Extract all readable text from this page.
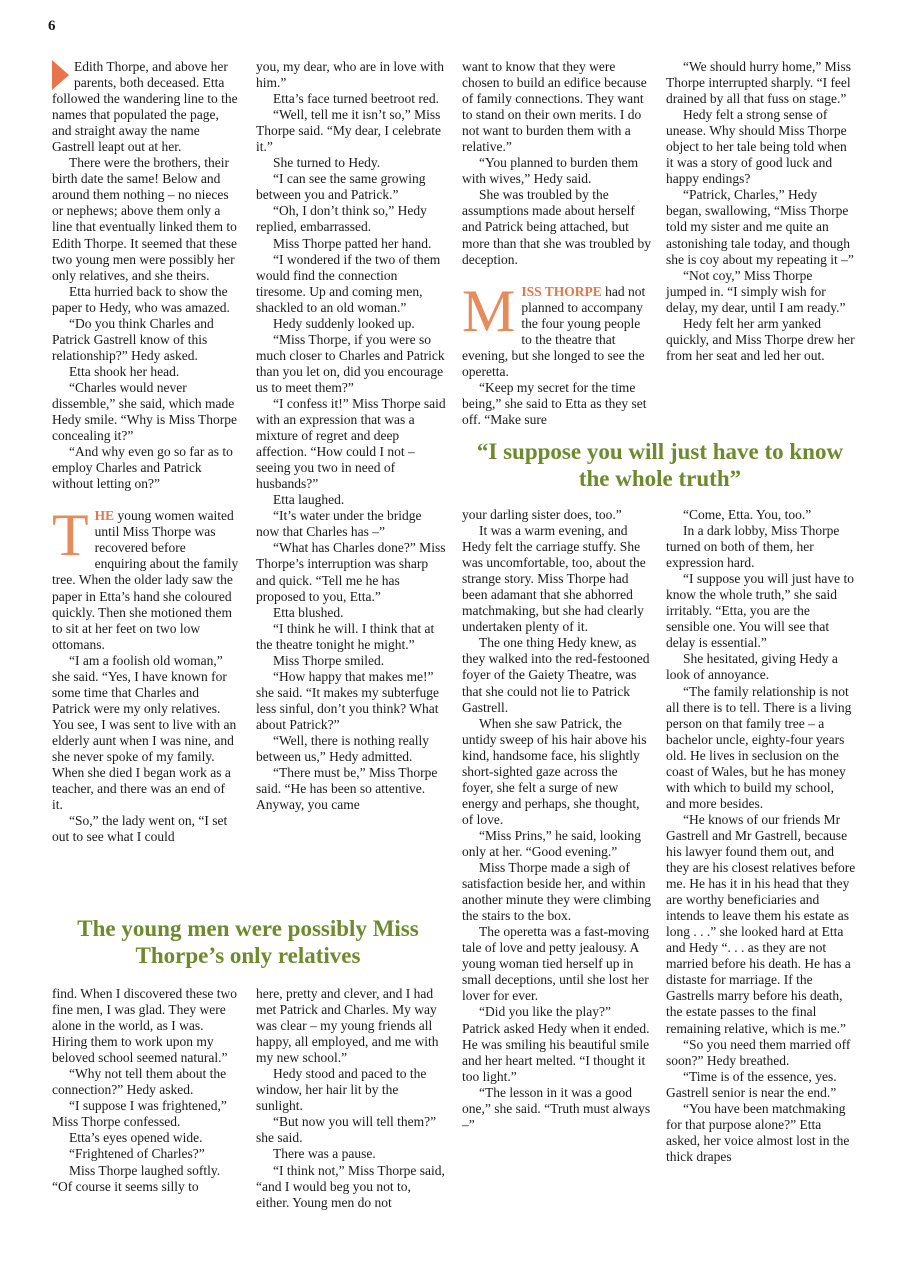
6

Edith Thorpe, and above her parents, both deceased. Etta followed the wandering line to the names that populated the page, and straight away the name Gastrell leapt out at her.

There were the brothers, their birth date the same! Below and around them nothing – no nieces or nephews; above them only a line that eventually linked them to Edith Thorpe. It seemed that these two young men were possibly her only relatives, and she theirs.

Etta hurried back to show the paper to Hedy, who was amazed.

“Do you think Charles and Patrick Gastrell know of this relationship?” Hedy asked.

Etta shook her head.

“Charles would never dissemble,” she said, which made Hedy smile. “Why is Miss Thorpe concealing it?”

“And why even go so far as to employ Charles and Patrick without letting on?”

THE young women waited until Miss Thorpe was recovered before enquiring about the family tree. When the older lady saw the paper in Etta’s hand she coloured quickly. Then she motioned them to sit at her feet on two low ottomans.

“I am a foolish old woman,” she said. “Yes, I have known for some time that Charles and Patrick were my only relatives. You see, I was sent to live with an elderly aunt when I was nine, and she never spoke of my family. When she died I began work as a teacher, and there was an end of it.

“So,” the lady went on, “I set out to see what I could

you, my dear, who are in love with him.”

Etta’s face turned beetroot red.

“Well, tell me it isn’t so,” Miss Thorpe said. “My dear, I celebrate it.”

She turned to Hedy.

“I can see the same growing between you and Patrick.”

“Oh, I don’t think so,” Hedy replied, embarrassed.

Miss Thorpe patted her hand.

“I wondered if the two of them would find the connection tiresome. Up and coming men, shackled to an old woman.”

Hedy suddenly looked up.

“Miss Thorpe, if you were so much closer to Charles and Patrick than you let on, did you encourage us to meet them?”

“I confess it!” Miss Thorpe said with an expression that was a mixture of regret and deep affection. “How could I not – seeing you two in need of husbands?”

Etta laughed.

“It’s water under the bridge now that Charles has –”

“What has Charles done?” Miss Thorpe’s interruption was sharp and quick. “Tell me he has proposed to you, Etta.”

Etta blushed.

“I think he will. I think that at the theatre tonight he might.”

Miss Thorpe smiled.

“How happy that makes me!” she said. “It makes my subterfuge less sinful, don’t you think? What about Patrick?”

“Well, there is nothing really between us,” Hedy admitted.

“There must be,” Miss Thorpe said. “He has been so attentive. Anyway, you came

want to know that they were chosen to build an edifice because of family connections. They want to stand on their own merits. I do not want to burden them with a relative.”

“You planned to burden them with wives,” Hedy said.

She was troubled by the assumptions made about herself and Patrick being attached, but more than that she was troubled by deception.

MISS THORPE had not planned to accompany the four young people to the theatre that evening, but she longed to see the operetta.

“Keep my secret for the time being,” she said to Etta as they set off. “Make sure

“We should hurry home,” Miss Thorpe interrupted sharply. “I feel drained by all that fuss on stage.”

Hedy felt a strong sense of unease. Why should Miss Thorpe object to her tale being told when it was a story of good luck and happy endings?

“Patrick, Charles,” Hedy began, swallowing, “Miss Thorpe told my sister and me quite an astonishing tale today, and though she is coy about my repeating it –”

“Not coy,” Miss Thorpe jumped in. “I simply wish for delay, my dear, until I am ready.”

Hedy felt her arm yanked quickly, and Miss Thorpe drew her from her seat and led her out.

“I suppose you will just have to know the whole truth”

your darling sister does, too.”

It was a warm evening, and Hedy felt the carriage stuffy. She was uncomfortable, too, about the strange story. Miss Thorpe had been adamant that she abhorred matchmaking, but she had clearly undertaken plenty of it.

The one thing Hedy knew, as they walked into the red-festooned foyer of the Gaiety Theatre, was that she could not lie to Patrick Gastrell.

When she saw Patrick, the untidy sweep of his hair above his kind, handsome face, his slightly short-sighted gaze across the foyer, she felt a surge of new energy and perhaps, she thought, of love.

“Miss Prins,” he said, looking only at her. “Good evening.”

Miss Thorpe made a sigh of satisfaction beside her, and within another minute they were climbing the stairs to the box.

The operetta was a fast-moving tale of love and petty jealousy. A young woman tied herself up in small deceptions, until she lost her lover for ever.

“Did you like the play?” Patrick asked Hedy when it ended. He was smiling his beautiful smile and her heart melted. “I thought it too light.”

“The lesson in it was a good one,” she said. “Truth must always –”

“Come, Etta. You, too.”

In a dark lobby, Miss Thorpe turned on both of them, her expression hard.

“I suppose you will just have to know the whole truth,” she said irritably. “Etta, you are the sensible one. You will see that delay is essential.”

She hesitated, giving Hedy a look of annoyance.

“The family relationship is not all there is to tell. There is a living person on that family tree – a bachelor uncle, eighty-four years old. He lives in seclusion on the coast of Wales, but he has money with which to build my school, and more besides.

“He knows of our friends Mr Gastrell and Mr Gastrell, because his lawyer found them out, and they are his closest relatives before me. He has it in his head that they are worthy beneficiaries and intends to leave them his estate as long . . .” she looked hard at Etta and Hedy “. . . as they are not married before his death. He has a distaste for marriage. If the Gastrells marry before his death, the estate passes to the final remaining relative, which is me.”

“So you need them married off soon?” Hedy breathed.

“Time is of the essence, yes. Gastrell senior is near the end.”

“You have been matchmaking for that purpose alone?” Etta asked, her voice almost lost in the thick drapes

The young men were possibly Miss Thorpe’s only relatives

find. When I discovered these two fine men, I was glad. They were alone in the world, as I was. Hiring them to work upon my beloved school seemed natural.”

“Why not tell them about the connection?” Hedy asked.

“I suppose I was frightened,” Miss Thorpe confessed.

Etta’s eyes opened wide.

“Frightened of Charles?”

Miss Thorpe laughed softly. “Of course it seems silly to

here, pretty and clever, and I had met Patrick and Charles. My way was clear – my young friends all happy, all employed, and me with my new school.”

Hedy stood and paced to the window, her hair lit by the sunlight.

“But now you will tell them?” she said.

There was a pause.

“I think not,” Miss Thorpe said, “and I would beg you not to, either. Young men do not
